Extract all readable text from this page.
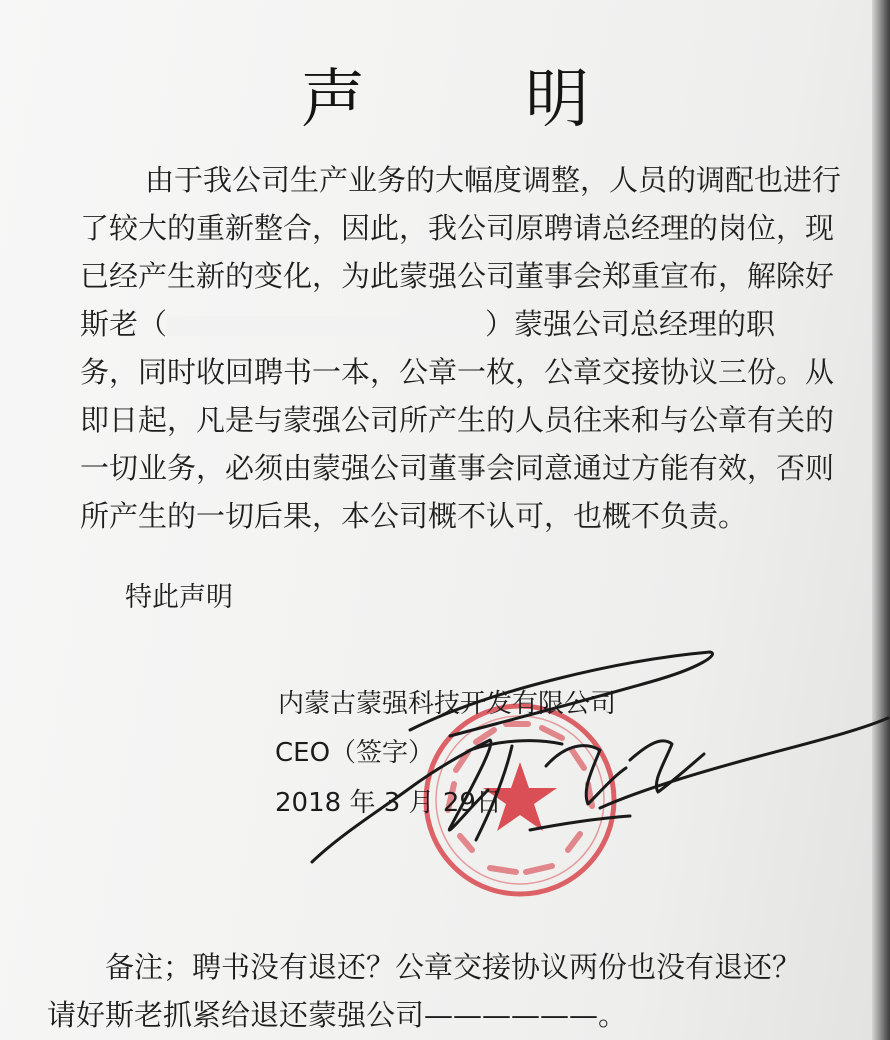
声 明
由于我公司生产业务的大幅度调整，人员的调配也进行
了较大的重新整合，因此，我公司原聘请总经理的岗位，现
已经产生新的变化，为此蒙强公司董事会郑重宣布，解除好
斯老（	）蒙强公司总经理的职
务，同时收回聘书一本，公章一枚，公章交接协议三份。从
即日起，凡是与蒙强公司所产生的人员往来和与公章有关的
一切业务，必须由蒙强公司董事会同意通过方能有效，否则
所产生的一切后果，本公司概不认可，也概不负责。
特此声明
内蒙古蒙强科技开发有限公司
CEO（签字）
2018 年 3 月 29日
备注；聘书没有退还？公章交接协议两份也没有退还？
请好斯老抓紧给退还蒙强公司——————。
